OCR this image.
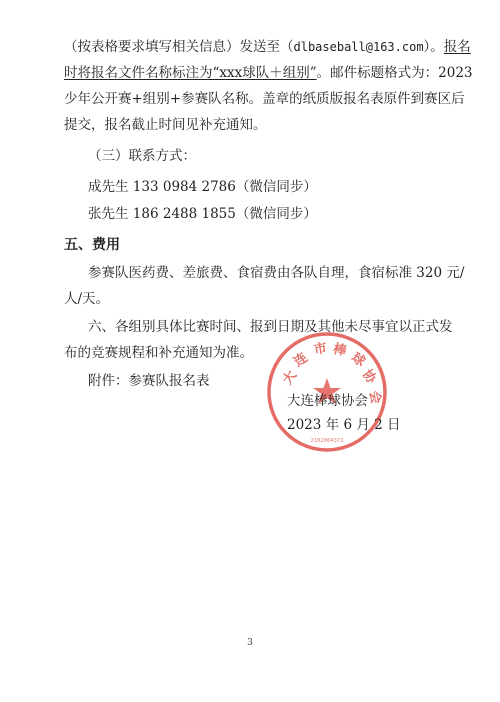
（按表格要求填写相关信息）发送至（dlbaseball@163.com）。报名
时将报名文件名称标注为“xxx球队＋组别”。邮件标题格式为：2023
少年公开赛+组别+参赛队名称。盖章的纸质版报名表原件到赛区后
提交，报名截止时间见补充通知。
（三）联系方式：
成先生 133 0984 2786（微信同步）
张先生 186 2488 1855（微信同步）
五、费用
参赛队医药费、差旅费、食宿费由各队自理，食宿标准 320 元/
人/天。
六、各组别具体比赛时间、报到日期及其他未尽事宜以正式发
布的竞赛规程和补充通知为准。
附件：参赛队报名表	大
连
市 棒 球
协
会
2102004371
大连棒球协会
2023 年 6 月 2 日
3
